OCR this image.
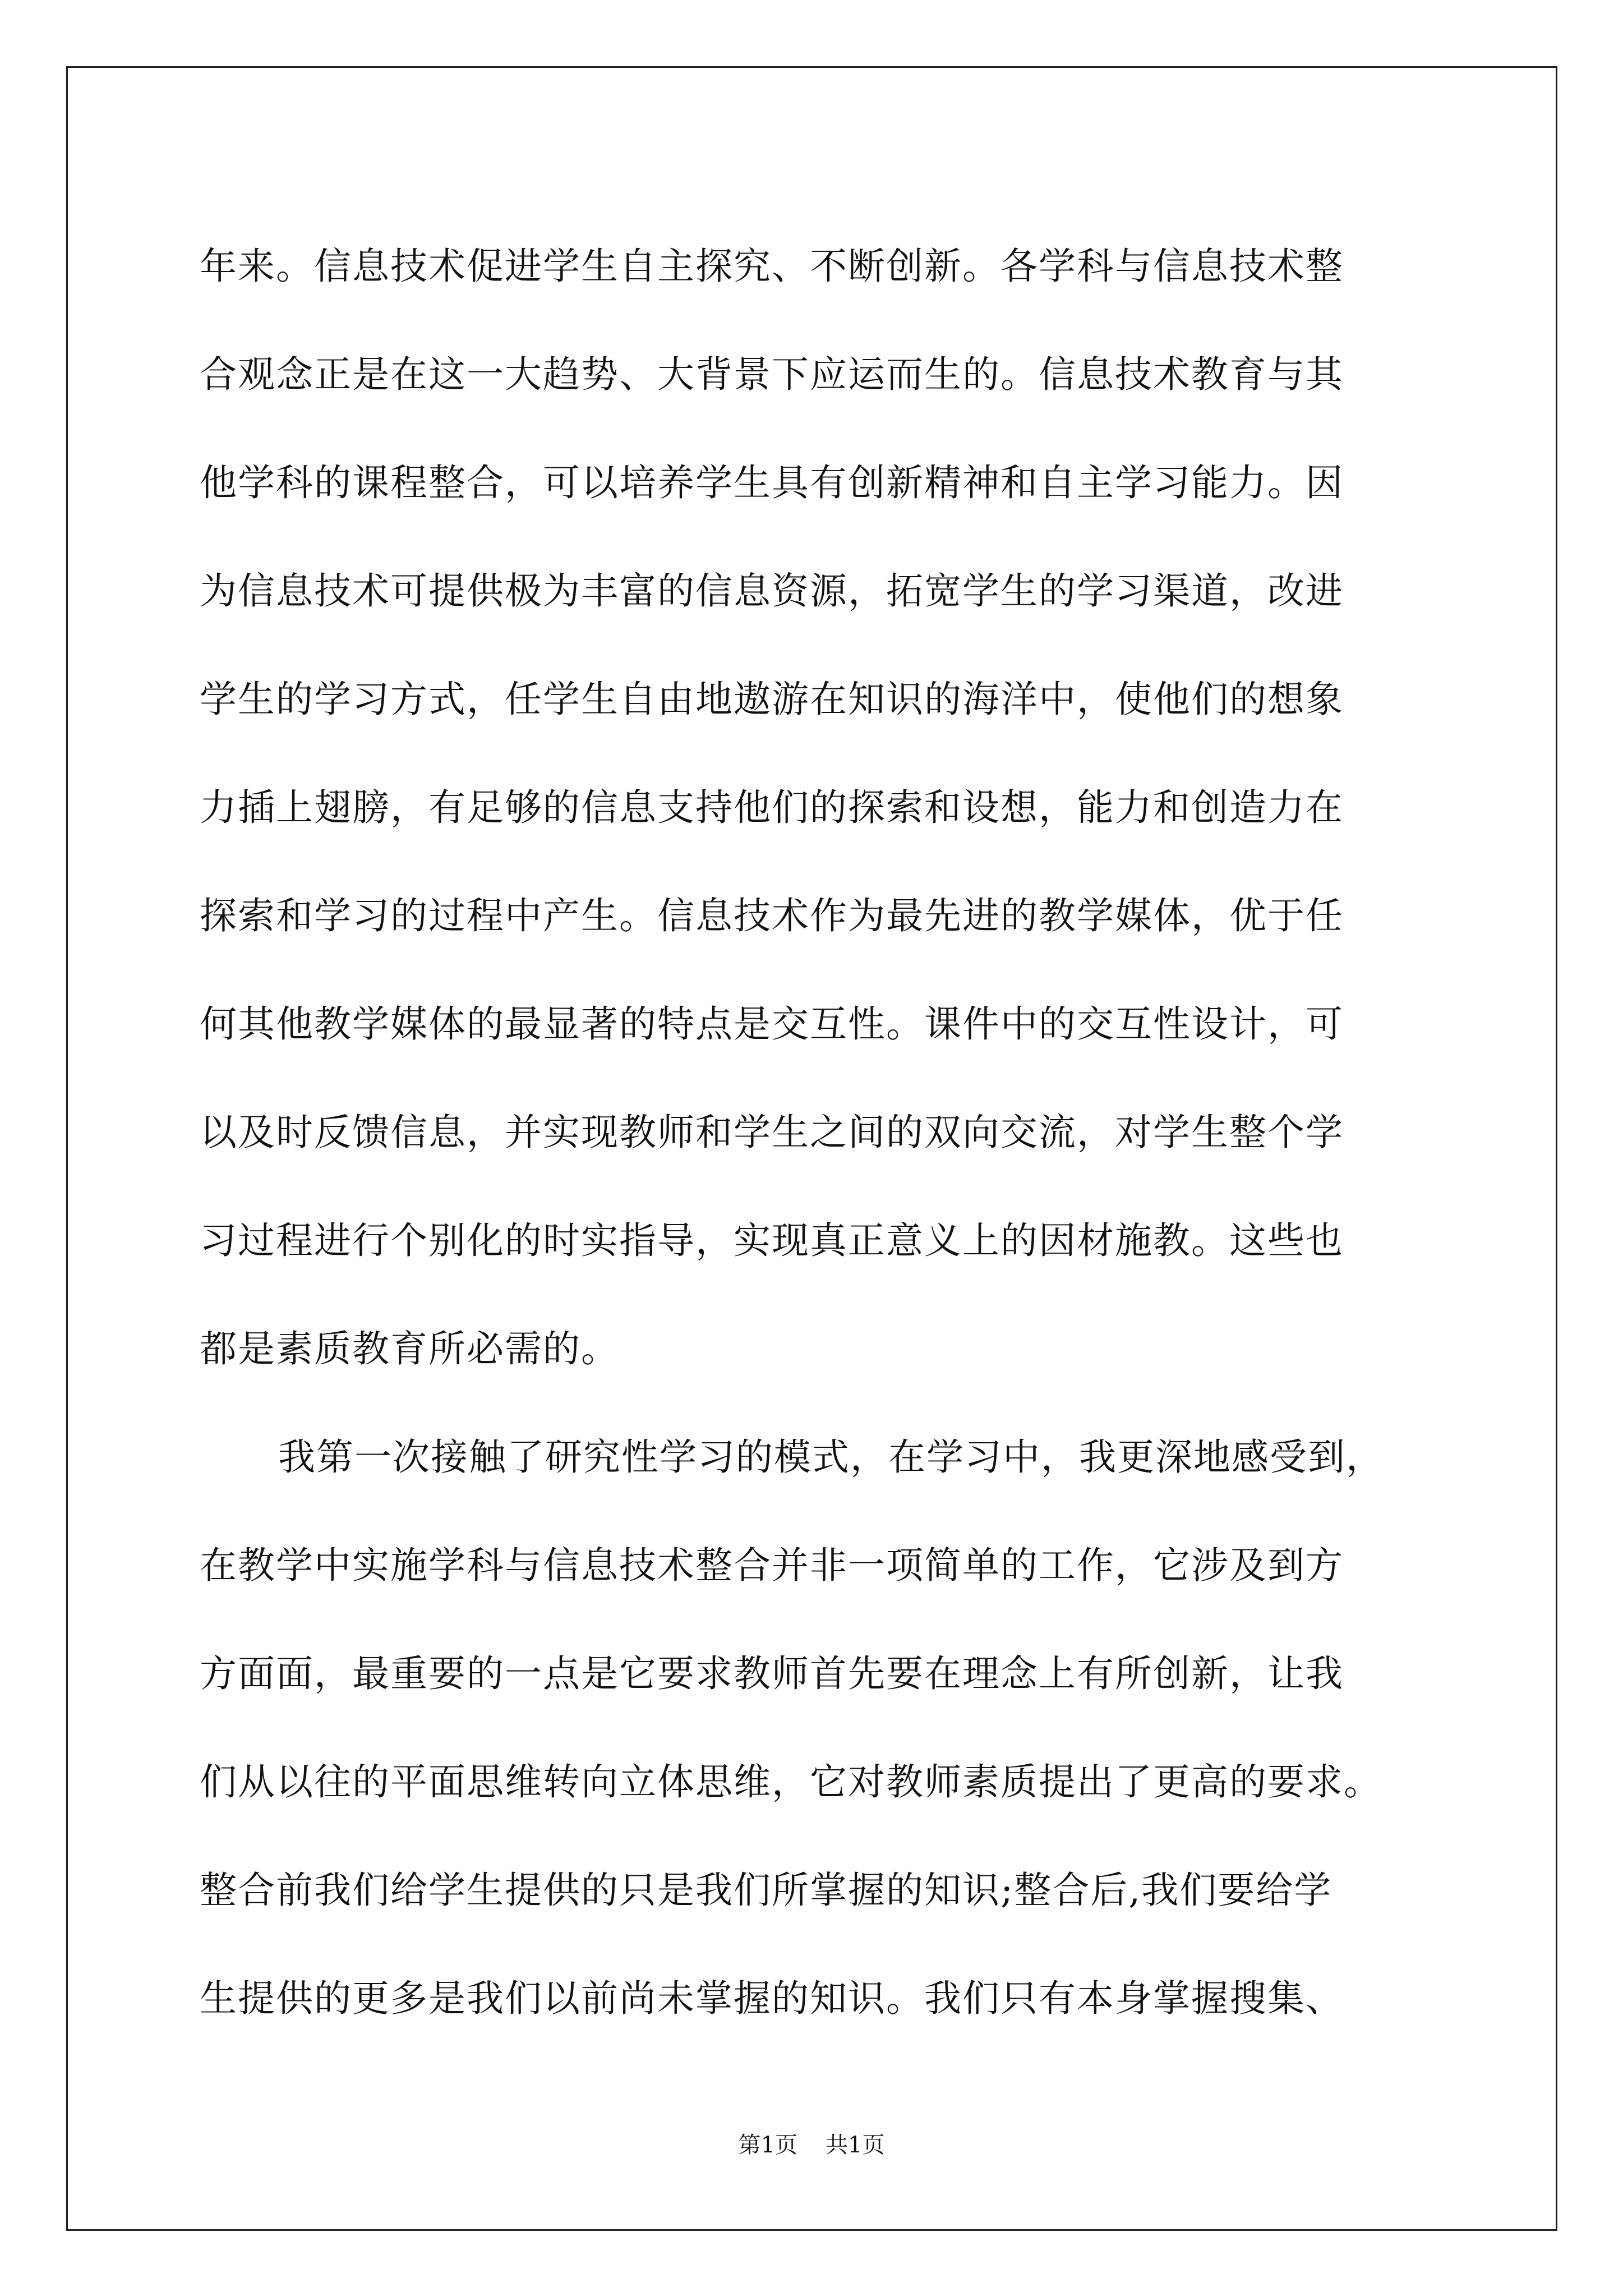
年来。信息技术促进学生自主探究、不断创新。各学科与信息技术整
合观念正是在这一大趋势、大背景下应运而生的。信息技术教育与其
他学科的课程整合，可以培养学生具有创新精神和自主学习能力。因
为信息技术可提供极为丰富的信息资源，拓宽学生的学习渠道，改进
学生的学习方式，任学生自由地遨游在知识的海洋中，使他们的想象
力插上翅膀，有足够的信息支持他们的探索和设想，能力和创造力在
探索和学习的过程中产生。信息技术作为最先进的教学媒体，优于任
何其他教学媒体的最显著的特点是交互性。课件中的交互性设计，可
以及时反馈信息，并实现教师和学生之间的双向交流，对学生整个学
习过程进行个别化的时实指导，实现真正意义上的因材施教。这些也
都是素质教育所必需的。
我第一次接触了研究性学习的模式，在学习中，我更深地感受到，
在教学中实施学科与信息技术整合并非一项简单的工作，它涉及到方
方面面，最重要的一点是它要求教师首先要在理念上有所创新，让我
们从以往的平面思维转向立体思维，它对教师素质提出了更高的要求。
整合前我们给学生提供的只是我们所掌握的知识;整合后,我们要给学
生提供的更多是我们以前尚未掌握的知识。我们只有本身掌握搜集、
第1页 共1页
